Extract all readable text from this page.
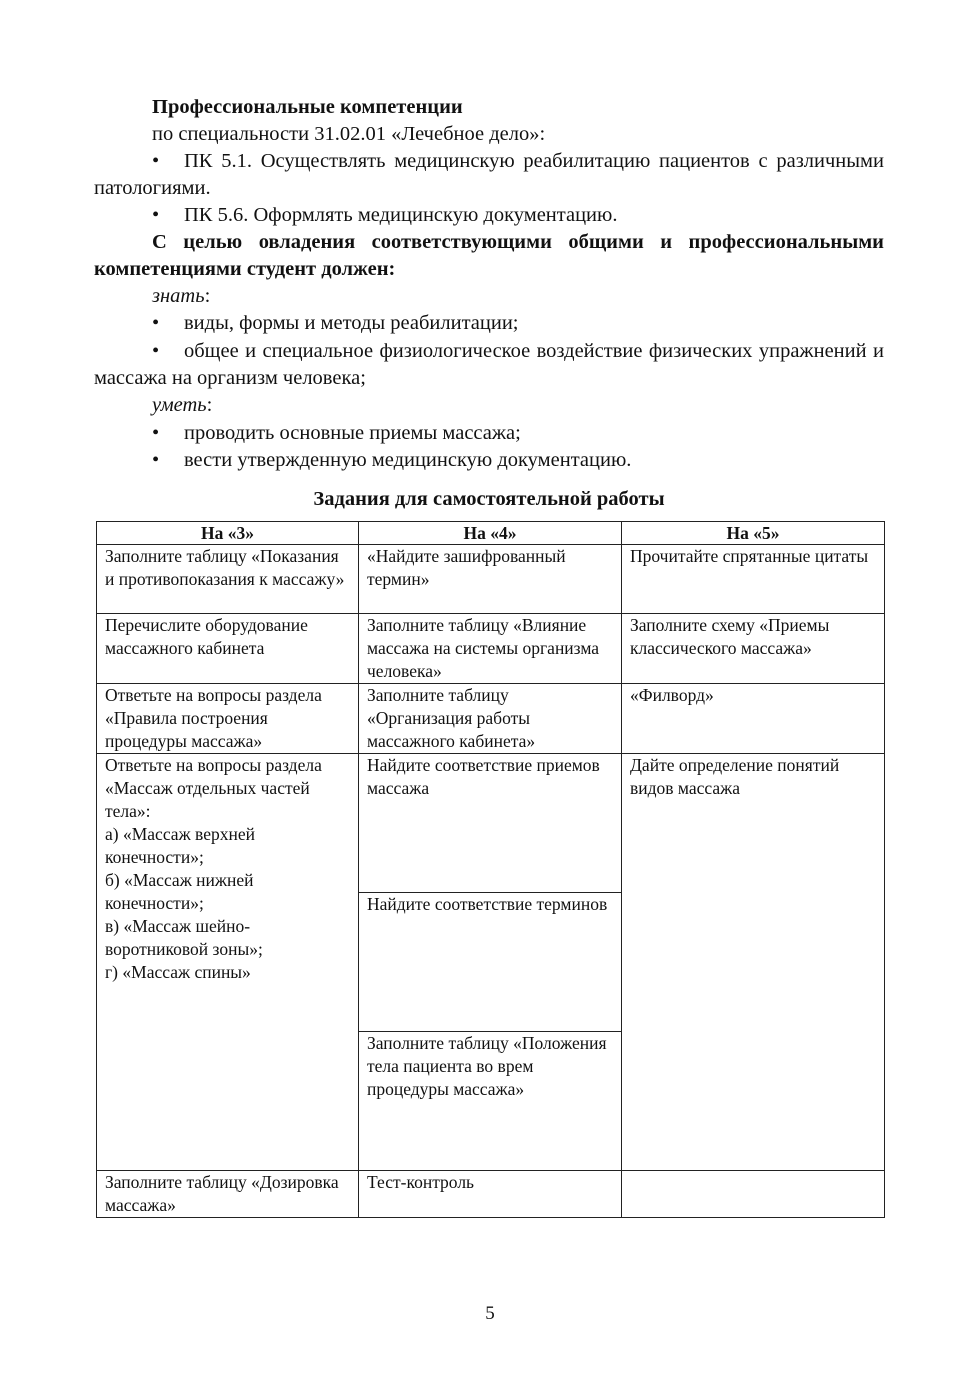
Профессиональные компетенции
по специальности 31.02.01 «Лечебное дело»:
• ПК 5.1. Осуществлять медицинскую реабилитацию пациентов с различными патологиями.
• ПК 5.6. Оформлять медицинскую документацию.
С целью овладения соответствующими общими и профессиональными компетенциями студент должен:
знать:
• виды, формы и методы реабилитации;
• общее и специальное физиологическое воздействие физических упражнений и массажа на организм человека;
уметь:
• проводить основные приемы массажа;
• вести утвержденную медицинскую документацию.
Задания для самостоятельной работы
На «3»	На «4»	На «5»

Заполните таблицу «Показания и противопоказания к массажу»	«Найдите зашифрованный термин»	Прочитайте спрятанные цитаты

Перечислите оборудование массажного кабинета	Заполните таблицу «Влияние массажа на системы организма человека»	Заполните схему «Приемы классического массажа»

Ответьте на вопросы раздела «Правила построения процедуры массажа»	Заполните таблицу «Организация работы массажного кабинета»	«Филворд»

Ответьте на вопросы раздела «Массаж отдельных частей тела»:
а) «Массаж верхней конечности»;
б) «Массаж нижней конечности»;
в) «Массаж шейно-воротниковой зоны»;
г) «Массаж спины»	Найдите соответствие приемов массажа	Дайте определение понятий видов массажа

	Найдите соответствие терминов	

	Заполните таблицу «Положения тела пациента во врем процедуры массажа»	

Заполните таблицу «Дозировка массажа»	Тест-контроль	

5
